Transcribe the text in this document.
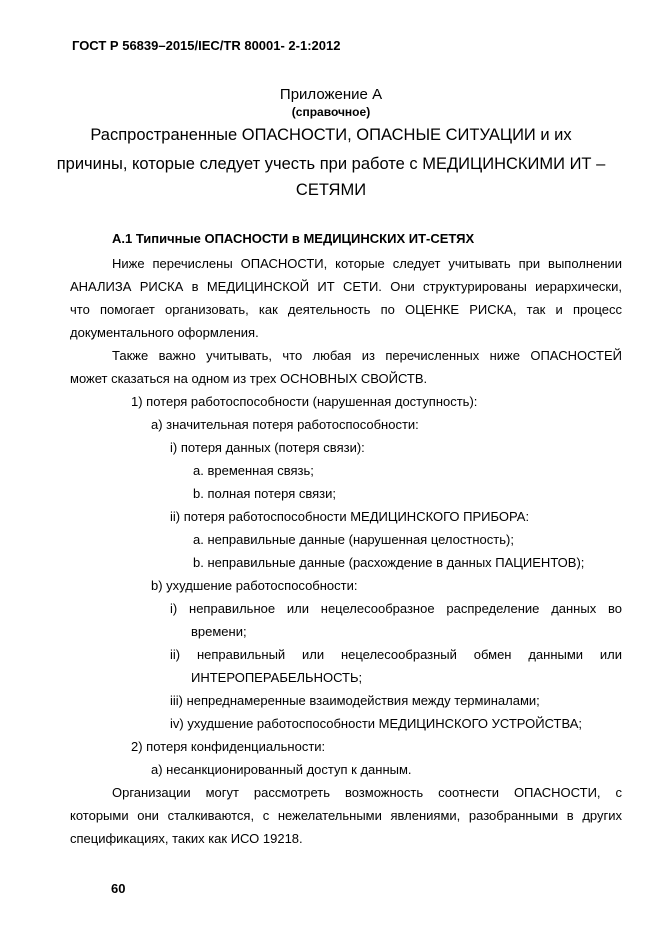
ГОСТ Р 56839–2015/IEC/TR 80001- 2-1:2012
Приложение А
(справочное)
Распространенные ОПАСНОСТИ, ОПАСНЫЕ СИТУАЦИИ и их
причины, которые следует учесть при работе с МЕДИЦИНСКИМИ ИТ –
СЕТЯМИ
А.1 Типичные ОПАСНОСТИ в МЕДИЦИНСКИХ ИТ-СЕТЯХ
Ниже перечислены ОПАСНОСТИ, которые следует учитывать при выполнении
АНАЛИЗА РИСКА в МЕДИЦИНСКОЙ ИТ СЕТИ. Они структурированы иерархически,
что помогает организовать, как деятельность по ОЦЕНКЕ РИСКА, так и процесс
документального оформления.
Также важно учитывать, что любая из перечисленных ниже ОПАСНОСТЕЙ
может сказаться на одном из трех ОСНОВНЫХ СВОЙСТВ.
1) потеря работоспособности (нарушенная доступность):
a) значительная потеря работоспособности:
i) потеря данных (потеря связи):
a. временная связь;
b. полная потеря связи;
ii) потеря работоспособности МЕДИЦИНСКОГО ПРИБОРА:
a. неправильные данные (нарушенная целостность);
b. неправильные данные (расхождение в данных ПАЦИЕНТОВ);
b) ухудшение работоспособности:
i) неправильное или нецелесообразное распределение данных во
времени;
ii) неправильный или нецелесообразный обмен данными или
ИНТЕРОПЕРАБЕЛЬНОСТЬ;
iii) непреднамеренные взаимодействия между терминалами;
iv) ухудшение работоспособности МЕДИЦИНСКОГО УСТРОЙСТВА;
2) потеря конфиденциальности:
a) несанкционированный доступ к данным.
Организации могут рассмотреть возможность соотнести ОПАСНОСТИ, с
которыми они сталкиваются, с нежелательными явлениями, разобранными в других
спецификациях, таких как ИСО 19218.
60
